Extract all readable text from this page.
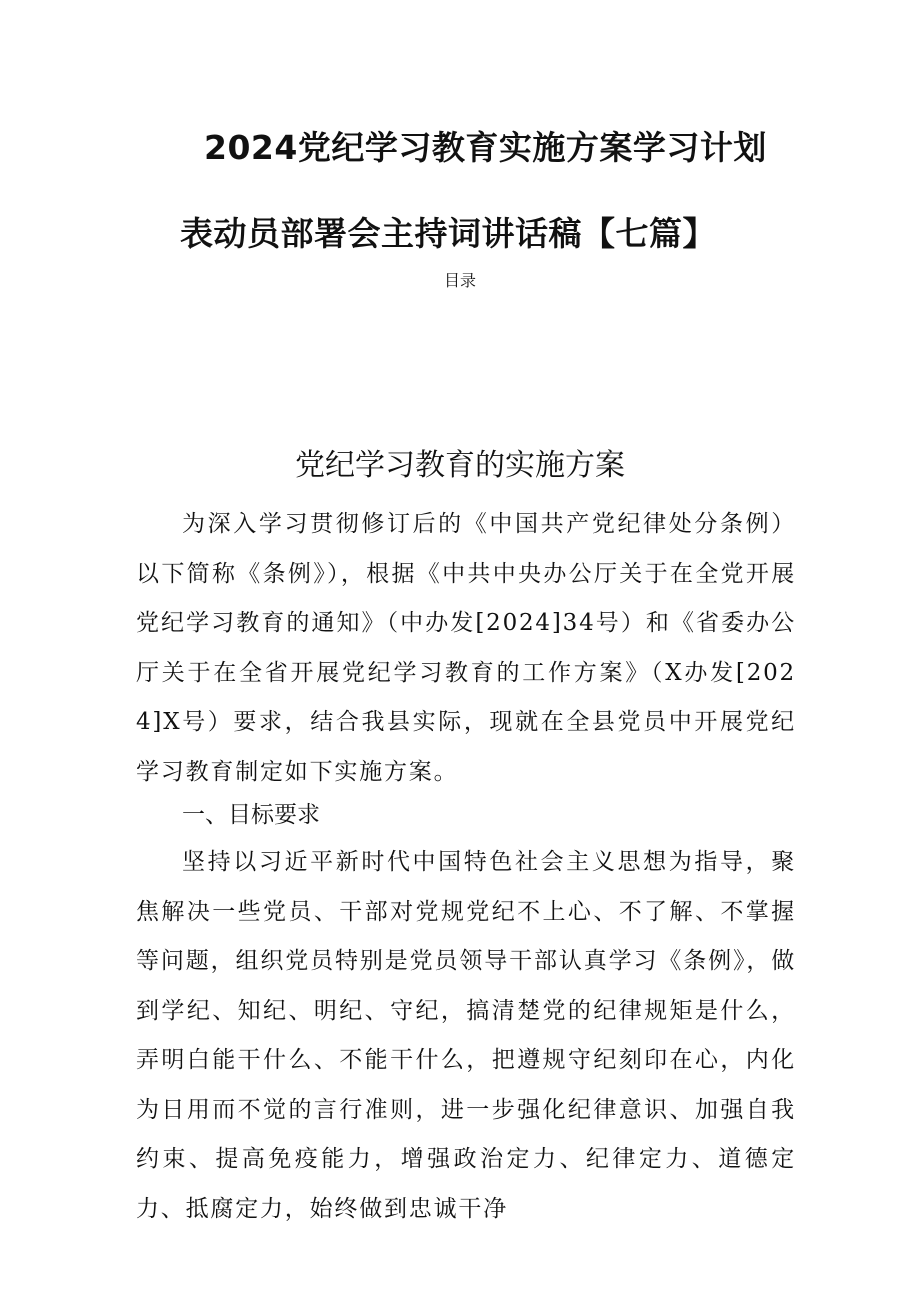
2024党纪学习教育实施方案学习计划
表动员部署会主持词讲话稿【七篇】
目录
党纪学习教育的实施方案
为深入学习贯彻修订后的《中国共产党纪律处分条例）以下简称《条例》），根据《中共中央办公厅关于在全党开展党纪学习教育的通知》（中办发[2024]34号）和《省委办公厅关于在全省开展党纪学习教育的工作方案》（X办发[2024]X号）要求，结合我县实际，现就在全县党员中开展党纪学习教育制定如下实施方案。
一、目标要求
坚持以习近平新时代中国特色社会主义思想为指导，聚焦解决一些党员、干部对党规党纪不上心、不了解、不掌握等问题，组织党员特别是党员领导干部认真学习《条例》，做到学纪、知纪、明纪、守纪，搞清楚党的纪律规矩是什么，弄明白能干什么、不能干什么，把遵规守纪刻印在心，内化为日用而不觉的言行准则，进一步强化纪律意识、加强自我约束、提高免疫能力，增强政治定力、纪律定力、道德定力、抵腐定力，始终做到忠诚干净
